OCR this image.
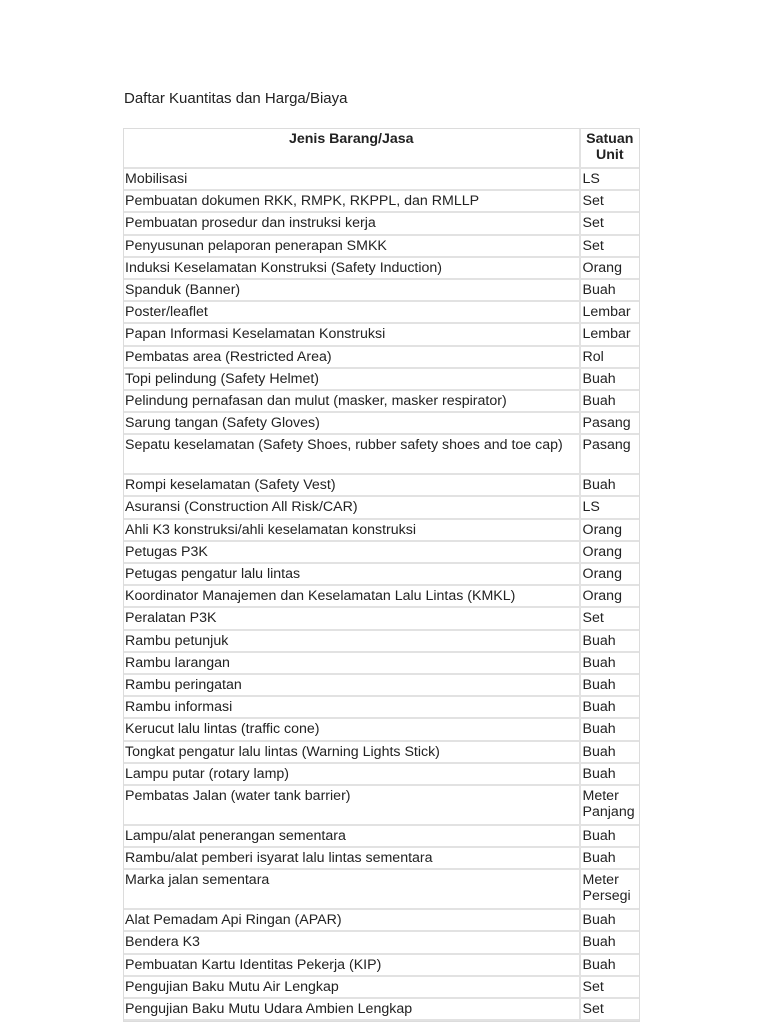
Daftar Kuantitas dan Harga/Biaya
Jenis Barang/Jasa	Satuan Unit
Mobilisasi	LS
Pembuatan dokumen RKK, RMPK, RKPPL, dan RMLLP	Set
Pembuatan prosedur dan instruksi kerja	Set
Penyusunan pelaporan penerapan SMKK	Set
Induksi Keselamatan Konstruksi (Safety Induction)	Orang
Spanduk (Banner)	Buah
Poster/leaflet	Lembar
Papan Informasi Keselamatan Konstruksi	Lembar
Pembatas area (Restricted Area)	Rol
Topi pelindung (Safety Helmet)	Buah
Pelindung pernafasan dan mulut (masker, masker respirator)	Buah
Sarung tangan (Safety Gloves)	Pasang
Sepatu keselamatan (Safety Shoes, rubber safety shoes and toe cap)	Pasang
Rompi keselamatan (Safety Vest)	Buah
Asuransi (Construction All Risk/CAR)	LS
Ahli K3 konstruksi/ahli keselamatan konstruksi	Orang
Petugas P3K	Orang
Petugas pengatur lalu lintas	Orang
Koordinator Manajemen dan Keselamatan Lalu Lintas (KMKL)	Orang
Peralatan P3K	Set
Rambu petunjuk	Buah
Rambu larangan	Buah
Rambu peringatan	Buah
Rambu informasi	Buah
Kerucut lalu lintas (traffic cone)	Buah
Tongkat pengatur lalu lintas (Warning Lights Stick)	Buah
Lampu putar (rotary lamp)	Buah
Pembatas Jalan (water tank barrier)	Meter Panjang
Lampu/alat penerangan sementara	Buah
Rambu/alat pemberi isyarat lalu lintas sementara	Buah
Marka jalan sementara	Meter Persegi
Alat Pemadam Api Ringan (APAR)	Buah
Bendera K3	Buah
Pembuatan Kartu Identitas Pekerja (KIP)	Buah
Pengujian Baku Mutu Air Lengkap	Set
Pengujian Baku Mutu Udara Ambien Lengkap	Set
